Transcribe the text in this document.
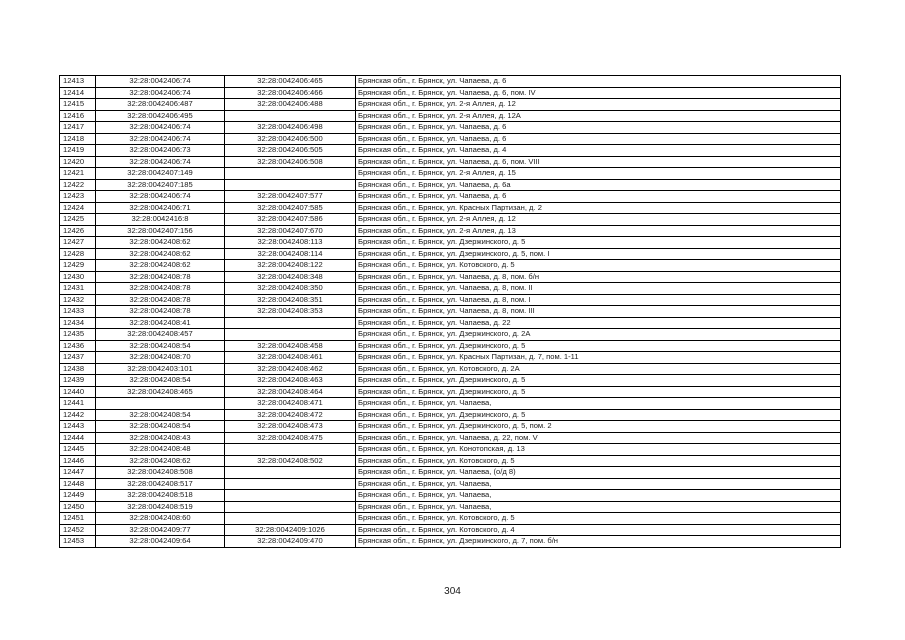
12413	32:28:0042406:74	32:28:0042406:465	Брянская обл., г. Брянск, ул. Чапаева, д. 6
12414	32:28:0042406:74	32:28:0042406:466	Брянская обл., г. Брянск, ул. Чапаева, д. 6, пом. IV
12415	32:28:0042406:487	32:28:0042406:488	Брянская обл., г. Брянск, ул. 2-я Аллея, д. 12
12416	32:28:0042406:495		Брянская обл., г. Брянск, ул. 2-я Аллея, д. 12А
12417	32:28:0042406:74	32:28:0042406:498	Брянская обл., г. Брянск, ул. Чапаева, д. 6
12418	32:28:0042406:74	32:28:0042406:500	Брянская обл., г. Брянск, ул. Чапаева, д. 6
12419	32:28:0042406:73	32:28:0042406:505	Брянская обл., г. Брянск, ул. Чапаева, д. 4
12420	32:28:0042406:74	32:28:0042406:508	Брянская обл., г. Брянск, ул. Чапаева, д. 6, пом. VIII
12421	32:28:0042407:149		Брянская обл., г. Брянск, ул. 2-я Аллея, д. 15
12422	32:28:0042407:185		Брянская обл., г. Брянск, ул. Чапаева, д. 6а
12423	32:28:0042406:74	32:28:0042407:577	Брянская обл., г. Брянск, ул. Чапаева, д. 6
12424	32:28:0042406:71	32:28:0042407:585	Брянская обл., г. Брянск, ул. Красных Партизан, д. 2
12425	32:28:0042416:8	32:28:0042407:586	Брянская обл., г. Брянск, ул. 2-я Аллея, д. 12
12426	32:28:0042407:156	32:28:0042407:670	Брянская обл., г. Брянск, ул. 2-я Аллея, д. 13
12427	32:28:0042408:62	32:28:0042408:113	Брянская обл., г. Брянск, ул. Дзержинского, д. 5
12428	32:28:0042408:62	32:28:0042408:114	Брянская обл., г. Брянск, ул. Дзержинского, д. 5, пом. I
12429	32:28:0042408:62	32:28:0042408:122	Брянская обл., г. Брянск, ул. Котовского, д. 5
12430	32:28:0042408:78	32:28:0042408:348	Брянская обл., г. Брянск, ул. Чапаева, д. 8, пом. б/н
12431	32:28:0042408:78	32:28:0042408:350	Брянская обл., г. Брянск, ул. Чапаева, д. 8, пом. II
12432	32:28:0042408:78	32:28:0042408:351	Брянская обл., г. Брянск, ул. Чапаева, д. 8, пом. I
12433	32:28:0042408:78	32:28:0042408:353	Брянская обл., г. Брянск, ул. Чапаева, д. 8, пом. III
12434	32:28:0042408:41		Брянская обл., г. Брянск, ул. Чапаева, д. 22
12435	32:28:0042408:457		Брянская обл., г. Брянск, ул. Дзержинского, д. 2А
12436	32:28:0042408:54	32:28:0042408:458	Брянская обл., г. Брянск, ул. Дзержинского, д. 5
12437	32:28:0042408:70	32:28:0042408:461	Брянская обл., г. Брянск, ул. Красных Партизан, д. 7, пом. 1-11
12438	32:28:0042403:101	32:28:0042408:462	Брянская обл., г. Брянск, ул. Котовского, д. 2А
12439	32:28:0042408:54	32:28:0042408:463	Брянская обл., г. Брянск, ул. Дзержинского, д. 5
12440	32:28:0042408:465	32:28:0042408:464	Брянская обл., г. Брянск, ул. Дзержинского, д. 5
12441		32:28:0042408:471	Брянская обл., г. Брянск, ул. Чапаева,
12442	32:28:0042408:54	32:28:0042408:472	Брянская обл., г. Брянск, ул. Дзержинского, д. 5
12443	32:28:0042408:54	32:28:0042408:473	Брянская обл., г. Брянск, ул. Дзержинского, д. 5, пом. 2
12444	32:28:0042408:43	32:28:0042408:475	Брянская обл., г. Брянск, ул. Чапаева, д. 22, пом. V
12445	32:28:0042408:48		Брянская обл., г. Брянск, ул. Конотопская, д. 13
12446	32:28:0042408:62	32:28:0042408:502	Брянская обл., г. Брянск, ул. Котовского, д. 5
12447	32:28:0042408:508		Брянская обл., г. Брянск, ул. Чапаева, (о/д 8)
12448	32:28:0042408:517		Брянская обл., г. Брянск, ул. Чапаева,
12449	32:28:0042408:518		Брянская обл., г. Брянск, ул. Чапаева,
12450	32:28:0042408:519		Брянская обл., г. Брянск, ул. Чапаева,
12451	32:28:0042408:60		Брянская обл., г. Брянск, ул. Котовского, д. 5
12452	32:28:0042409:77	32:28:0042409:1026	Брянская обл., г. Брянск, ул. Котовского, д. 4
12453	32:28:0042409:64	32:28:0042409:470	Брянская обл., г. Брянск, ул. Дзержинского, д. 7, пом. б/н
304
